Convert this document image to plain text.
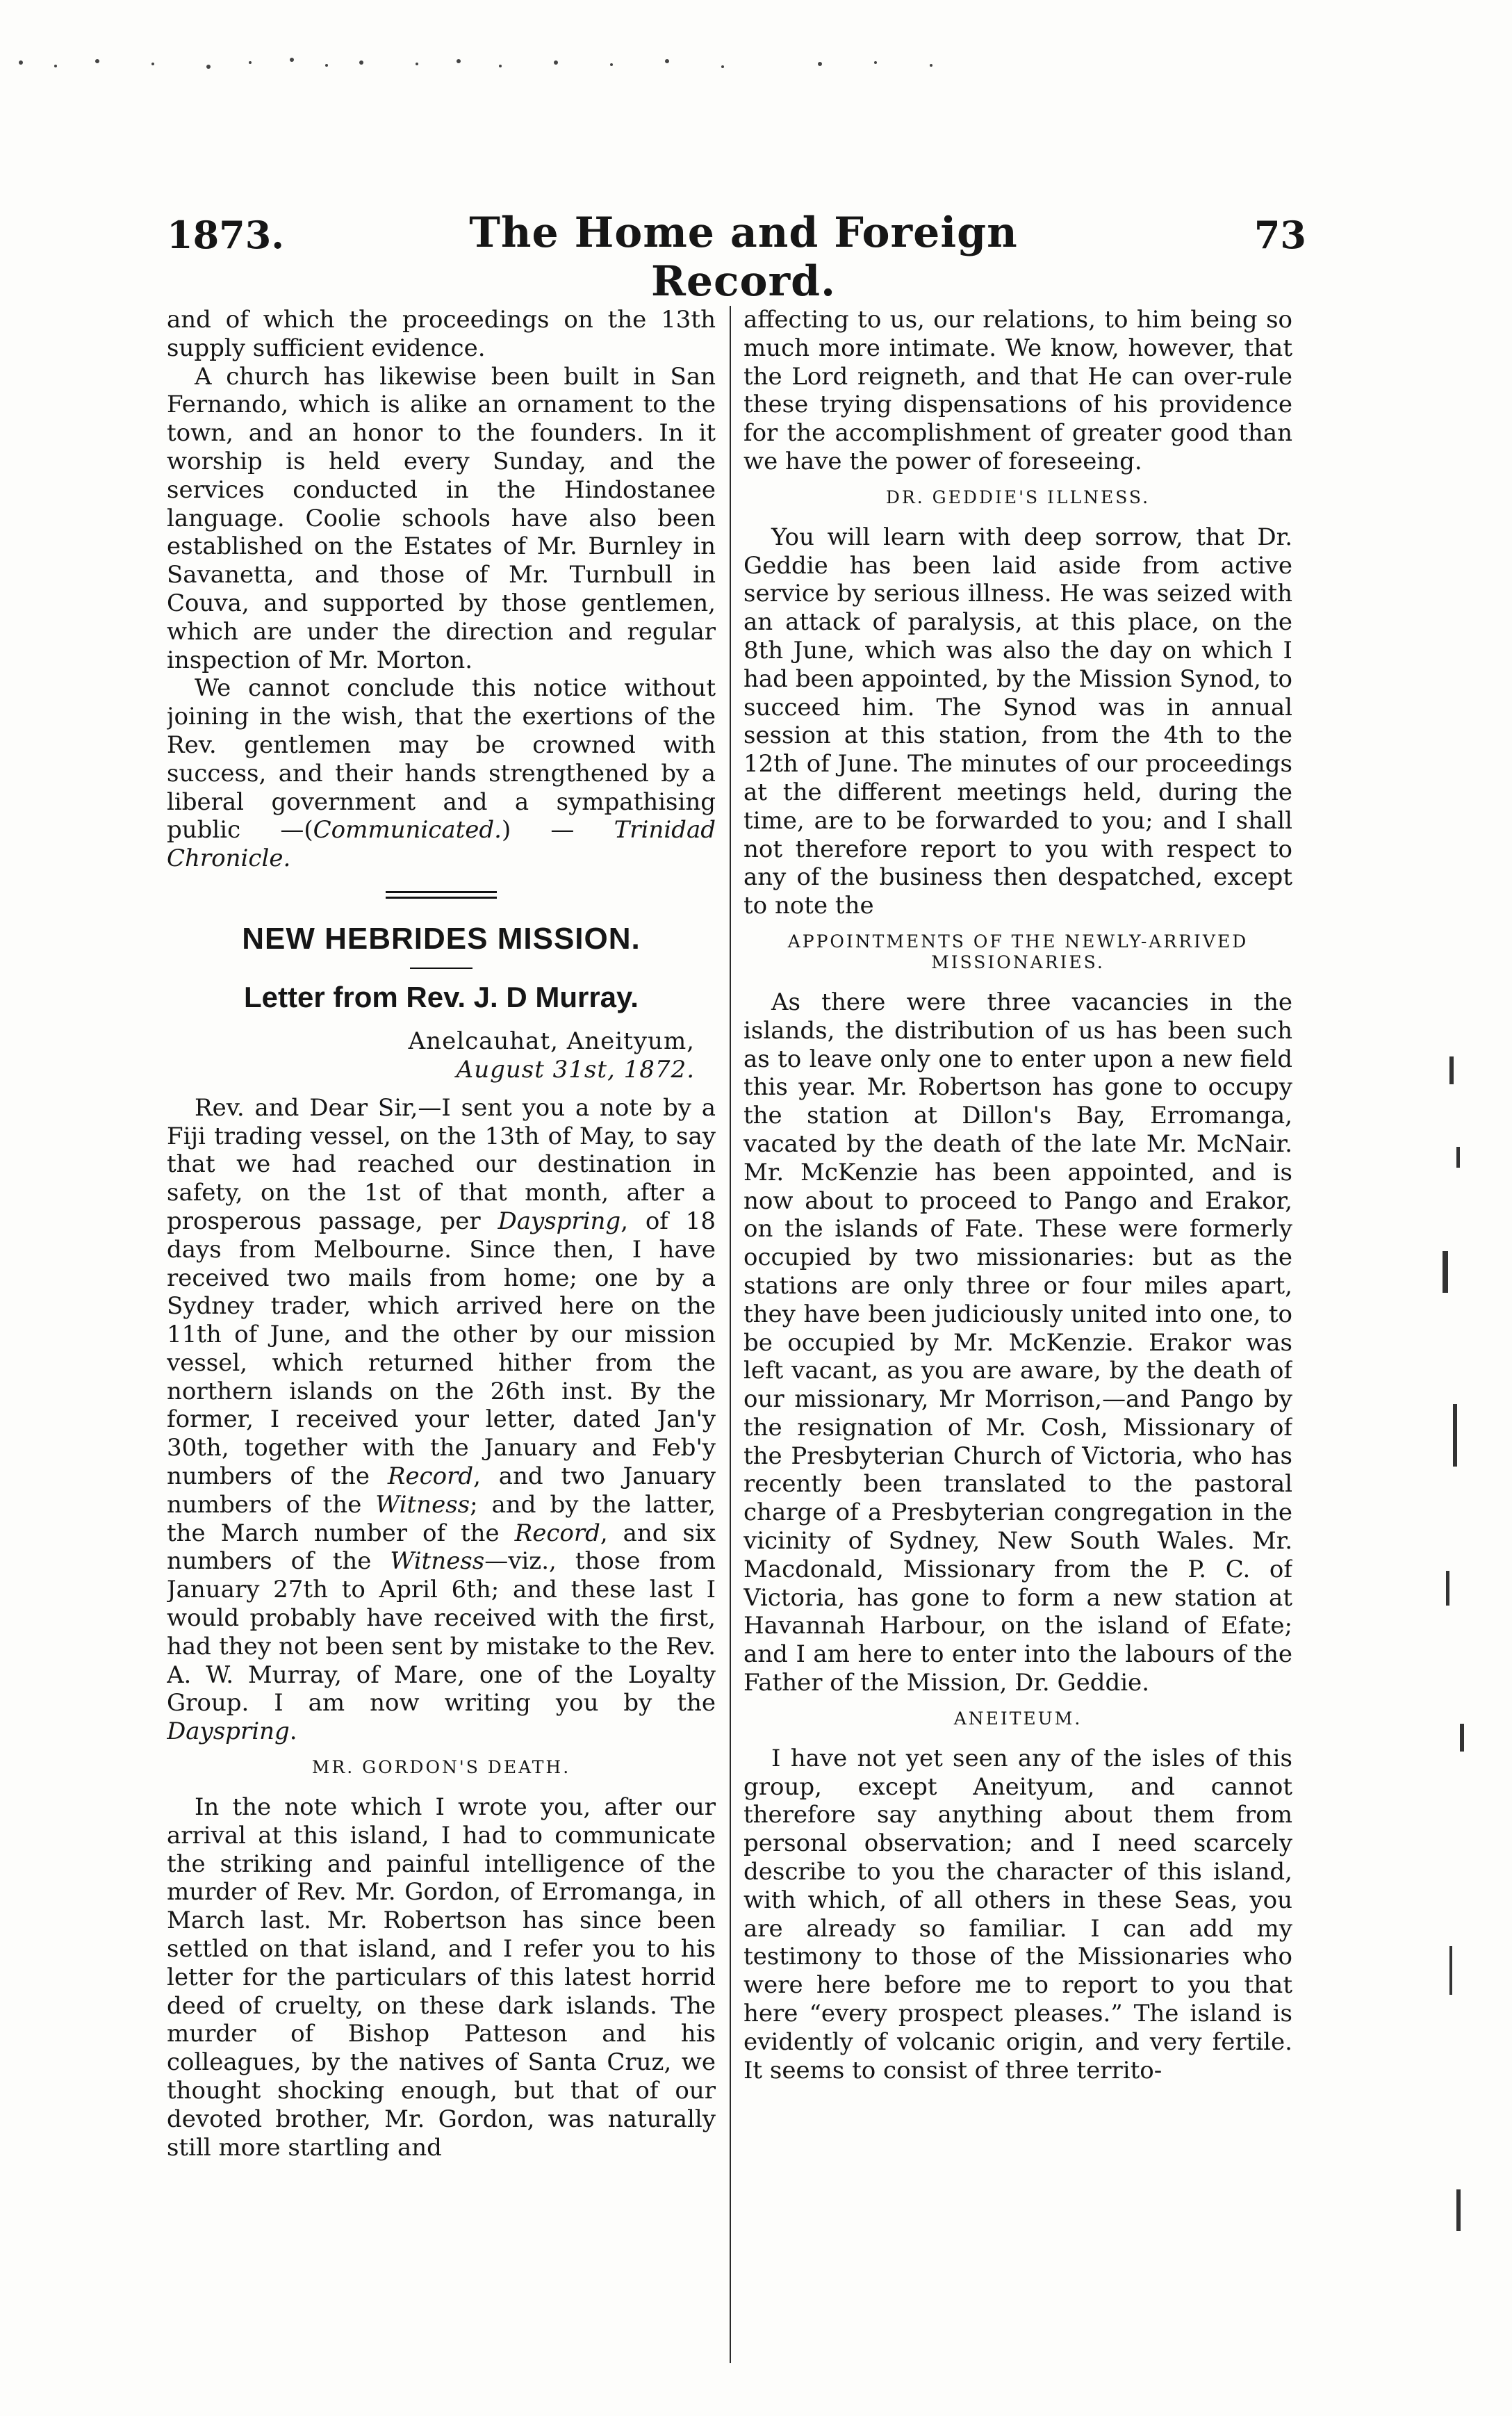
1873.	The Home and Foreign Record.
73

and of which the proceedings on the 13th supply sufficient evidence.

A church has likewise been built in San Fernando, which is alike an ornament to the town, and an honor to the founders. In it worship is held every Sunday, and the services conducted in the Hindostanee language. Coolie schools have also been established on the Estates of Mr. Burnley in Savanetta, and those of Mr. Turnbull in Couva, and supported by those gentlemen, which are under the direction and regular inspection of Mr. Morton.

We cannot conclude this notice without joining in the wish, that the exertions of the Rev. gentlemen may be crowned with success, and their hands strengthened by a liberal government and a sympathising public —(Communicated.) — Trinidad Chronicle.

NEW HEBRIDES MISSION.
Letter from Rev. J. D Murray.
Anelcauhat, Aneityum,
August 31st, 1872.

Rev. and Dear Sir,—I sent you a note by a Fiji trading vessel, on the 13th of May, to say that we had reached our destination in safety, on the 1st of that month, after a prosperous passage, per Dayspring, of 18 days from Melbourne. Since then, I have received two mails from home; one by a Sydney trader, which arrived here on the 11th of June, and the other by our mission vessel, which returned hither from the northern islands on the 26th inst. By the former, I received your letter, dated Jan'y 30th, together with the January and Feb'y numbers of the Record, and two January numbers of the Witness; and by the latter, the March number of the Record, and six numbers of the Witness—viz., those from January 27th to April 6th; and these last I would probably have received with the first, had they not been sent by mistake to the Rev. A. W. Murray, of Mare, one of the Loyalty Group. I am now writing you by the Dayspring.

MR. GORDON'S DEATH.

In the note which I wrote you, after our arrival at this island, I had to communicate the striking and painful intelligence of the murder of Rev. Mr. Gordon, of Erromanga, in March last. Mr. Robertson has since been settled on that island, and I refer you to his letter for the particulars of this latest horrid deed of cruelty, on these dark islands. The murder of Bishop Patteson and his colleagues, by the natives of Santa Cruz, we thought shocking enough, but that of our devoted brother, Mr. Gordon, was naturally still more startling and

affecting to us, our relations, to him being so much more intimate. We know, however, that the Lord reigneth, and that He can over-rule these trying dispensations of his providence for the accomplishment of greater good than we have the power of foreseeing.

DR. GEDDIE'S ILLNESS.

You will learn with deep sorrow, that Dr. Geddie has been laid aside from active service by serious illness. He was seized with an attack of paralysis, at this place, on the 8th June, which was also the day on which I had been appointed, by the Mission Synod, to succeed him. The Synod was in annual session at this station, from the 4th to the 12th of June. The minutes of our proceedings at the different meetings held, during the time, are to be forwarded to you; and I shall not therefore report to you with respect to any of the business then despatched, except to note the

APPOINTMENTS OF THE NEWLY-ARRIVED MISSIONARIES.

As there were three vacancies in the islands, the distribution of us has been such as to leave only one to enter upon a new field this year. Mr. Robertson has gone to occupy the station at Dillon's Bay, Erromanga, vacated by the death of the late Mr. McNair. Mr. McKenzie has been appointed, and is now about to proceed to Pango and Erakor, on the islands of Fate. These were formerly occupied by two missionaries: but as the stations are only three or four miles apart, they have been judiciously united into one, to be occupied by Mr. McKenzie. Erakor was left vacant, as you are aware, by the death of our missionary, Mr Morrison,—and Pango by the resignation of Mr. Cosh, Missionary of the Presbyterian Church of Victoria, who has recently been translated to the pastoral charge of a Presbyterian congregation in the vicinity of Sydney, New South Wales. Mr. Macdonald, Missionary from the P. C. of Victoria, has gone to form a new station at Havannah Harbour, on the island of Efate; and I am here to enter into the labours of the Father of the Mission, Dr. Geddie.

ANEITEUM.

I have not yet seen any of the isles of this group, except Aneityum, and cannot therefore say anything about them from personal observation; and I need scarcely describe to you the character of this island, with which, of all others in these Seas, you are already so familiar. I can add my testimony to those of the Missionaries who were here before me to report to you that here “every prospect pleases.” The island is evidently of volcanic origin, and very fertile. It seems to consist of three territo-
